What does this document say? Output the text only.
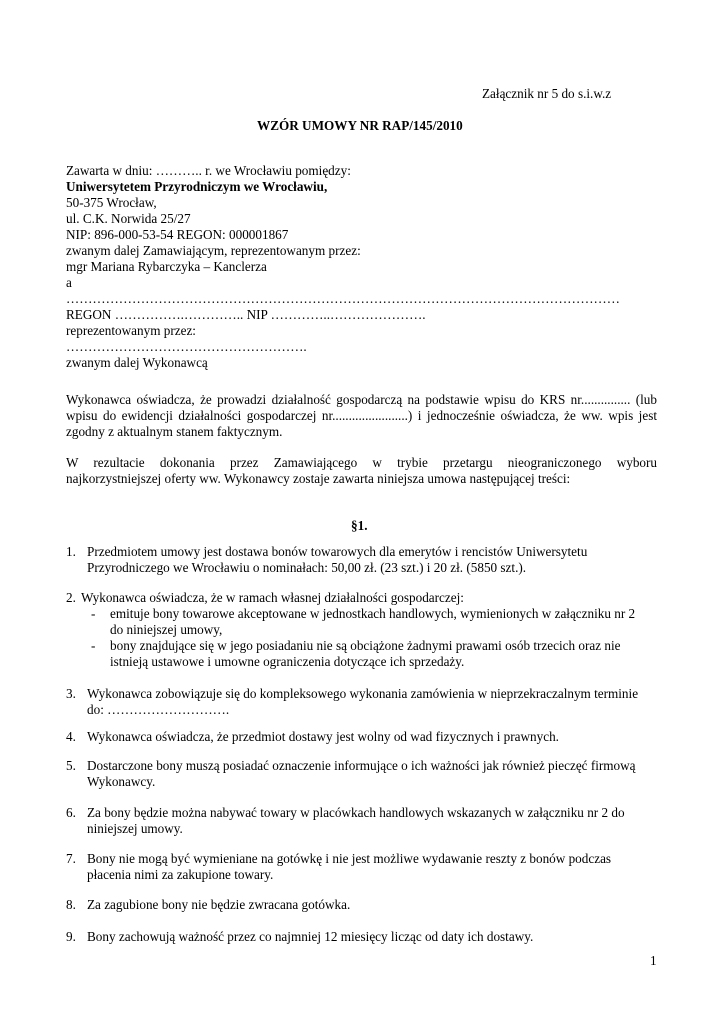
Załącznik nr 5 do s.i.w.z
WZÓR UMOWY NR RAP/145/2010
Zawarta w dniu: ……….. r. we Wrocławiu pomiędzy:
Uniwersytetem Przyrodniczym we Wrocławiu,
50-375 Wrocław,
ul. C.K. Norwida 25/27
NIP: 896-000-53-54 REGON: 000001867
zwanym dalej Zamawiającym, reprezentowanym przez:
mgr Mariana Rybarczyka – Kanclerza
a
………………………………………………………………………………………………………………
REGON …………….………….. NIP …………..………………….
reprezentowanym przez:
……………………………………………….
zwanym dalej Wykonawcą
Wykonawca oświadcza, że prowadzi działalność gospodarczą na podstawie wpisu do KRS nr............... (lub
wpisu do ewidencji działalności gospodarczej nr.......................) i jednocześnie oświadcza, że ww. wpis jest
zgodny z aktualnym stanem faktycznym.
W rezultacie dokonania przez Zamawiającego w trybie przetargu nieograniczonego wyboru
najkorzystniejszej oferty ww. Wykonawcy zostaje zawarta niniejsza umowa następującej treści:
§1.
1. Przedmiotem umowy jest dostawa bonów towarowych dla emerytów i rencistów Uniwersytetu
Przyrodniczego we Wrocławiu o nominałach: 50,00 zł. (23 szt.) i 20 zł. (5850 szt.).
2. Wykonawca oświadcza, że w ramach własnej działalności gospodarczej:
- emituje bony towarowe akceptowane w jednostkach handlowych, wymienionych w załączniku nr 2
do niniejszej umowy,
- bony znajdujące się w jego posiadaniu nie są obciążone żadnymi prawami osób trzecich oraz nie
istnieją ustawowe i umowne ograniczenia dotyczące ich sprzedaży.
3. Wykonawca zobowiązuje się do kompleksowego wykonania zamówienia w nieprzekraczalnym terminie
do: ……………………….
4. Wykonawca oświadcza, że przedmiot dostawy jest wolny od wad fizycznych i prawnych.
5. Dostarczone bony muszą posiadać oznaczenie informujące o ich ważności jak również pieczęć firmową
Wykonawcy.
6. Za bony będzie można nabywać towary w placówkach handlowych wskazanych w załączniku nr 2 do
niniejszej umowy.
7. Bony nie mogą być wymieniane na gotówkę i nie jest możliwe wydawanie reszty z bonów podczas
płacenia nimi za zakupione towary.
8. Za zagubione bony nie będzie zwracana gotówka.
9. Bony zachowują ważność przez co najmniej 12 miesięcy licząc od daty ich dostawy.
1
